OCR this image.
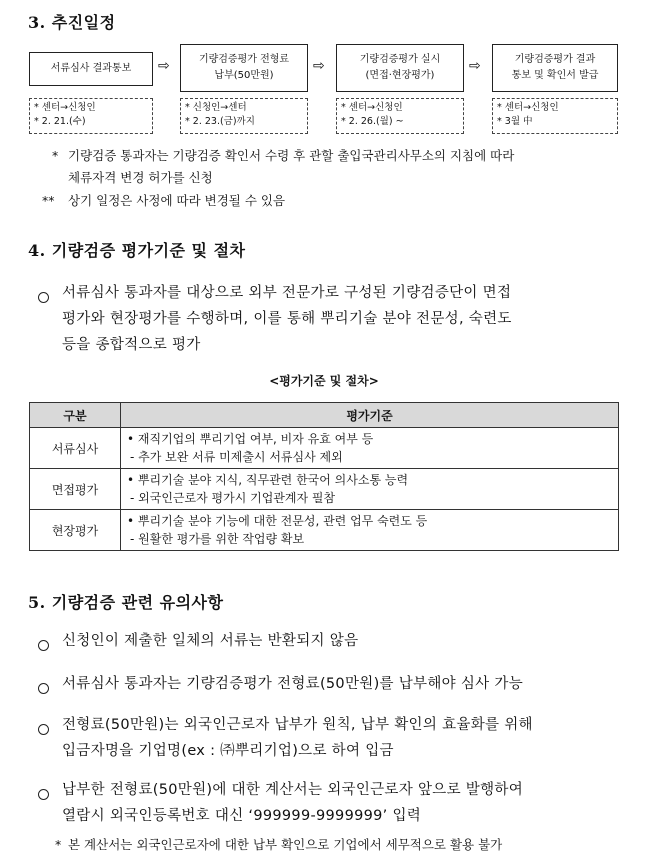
3. 추진일정
서류심사 결과통보 ⇨	기량검증평가 전형료
납부(50만원)
⇨	기량검증평가 실시
(면접·현장평가)
⇨	기량검증평가 결과
통보 및 확인서 발급
* 센터→신청인
* 2. 21.(수)
* 신청인→센터
* 2. 23.(금)까지
* 센터→신청인
* 2. 26.(월) ~
* 센터→신청인
* 3월 中
* 기량검증 통과자는 기량검증 확인서 수령 후 관할 출입국관리사무소의 지침에 따라
체류자격 변경 허가를 신청
** 상기 일정은 사정에 따라 변경될 수 있음
4. 기량검증 평가기준 및 절차
서류심사 통과자를 대상으로 외부 전문가로 구성된 기량검증단이 면접
평가와 현장평가를 수행하며, 이를 통해 뿌리기술 분야 전문성, 숙련도
등을 종합적으로 평가
<평가기준 및 절차>
구분	평가기준
서류심사	• 재직기업의 뿌리기업 여부, 비자 유효 여부 등
- 추가 보완 서류 미제출시 서류심사 제외

면접평가	• 뿌리기술 분야 지식, 직무관련 한국어 의사소통 능력
- 외국인근로자 평가시 기업관계자 필참

현장평가	• 뿌리기술 분야 기능에 대한 전문성, 관련 업무 숙련도 등
- 원활한 평가를 위한 작업량 확보
5. 기량검증 관련 유의사항
신청인이 제출한 일체의 서류는 반환되지 않음
서류심사 통과자는 기량검증평가 전형료(50만원)를 납부해야 심사 가능
전형료(50만원)는 외국인근로자 납부가 원칙, 납부 확인의 효율화를 위해
입금자명을 기업명(ex : ㈜뿌리기업)으로 하여 입금
납부한 전형료(50만원)에 대한 계산서는 외국인근로자 앞으로 발행하여
열람시 외국인등록번호 대신 ‘999999-9999999’ 입력
* 본 계산서는 외국인근로자에 대한 납부 확인으로 기업에서 세무적으로 활용 불가
